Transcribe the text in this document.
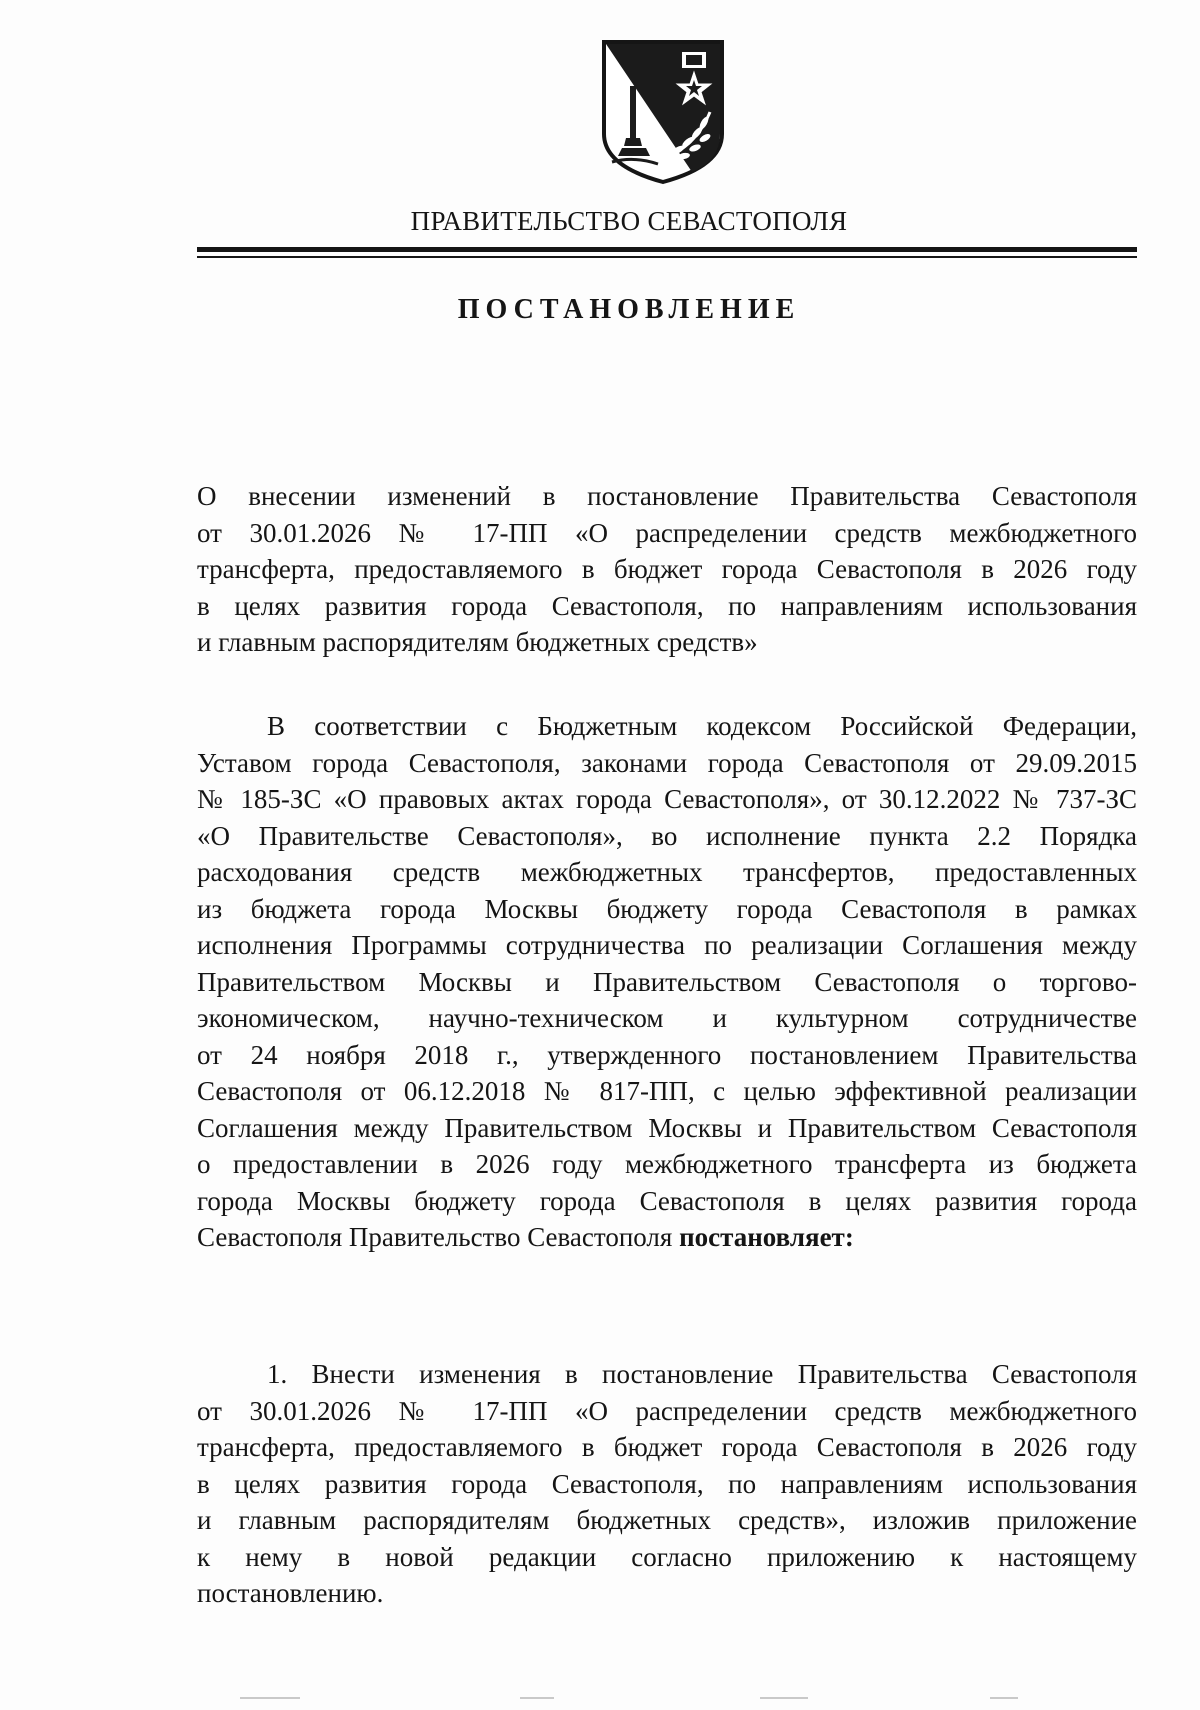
ПРАВИТЕЛЬСТВО СЕВАСТОПОЛЯ
ПОСТАНОВЛЕНИЕ

О внесении изменений в постановление Правительства Севастополя
от 30.01.2026 № 17-ПП «О распределении средств межбюджетного
трансферта, предоставляемого в бюджет города Севастополя в 2026 году
в целях развития города Севастополя, по направлениям использования
и главным распорядителям бюджетных средств»

В соответствии с Бюджетным кодексом Российской Федерации,
Уставом города Севастополя, законами города Севастополя от 29.09.2015
№ 185-ЗС «О правовых актах города Севастополя», от 30.12.2022 № 737-ЗС
«О Правительстве Севастополя», во исполнение пункта 2.2 Порядка
расходования средств межбюджетных трансфертов, предоставленных
из бюджета города Москвы бюджету города Севастополя в рамках
исполнения Программы сотрудничества по реализации Соглашения между
Правительством Москвы и Правительством Севастополя о торгово-
экономическом, научно-техническом и культурном сотрудничестве
от 24 ноября 2018 г., утвержденного постановлением Правительства
Севастополя от 06.12.2018 № 817-ПП, с целью эффективной реализации
Соглашения между Правительством Москвы и Правительством Севастополя
о предоставлении в 2026 году межбюджетного трансферта из бюджета
города Москвы бюджету города Севастополя в целях развития города
Севастополя Правительство Севастополя постановляет:

1. Внести изменения в постановление Правительства Севастополя
от 30.01.2026 № 17-ПП «О распределении средств межбюджетного
трансферта, предоставляемого в бюджет города Севастополя в 2026 году
в целях развития города Севастополя, по направлениям использования
и главным распорядителям бюджетных средств», изложив приложение
к нему в новой редакции согласно приложению к настоящему
постановлению.
